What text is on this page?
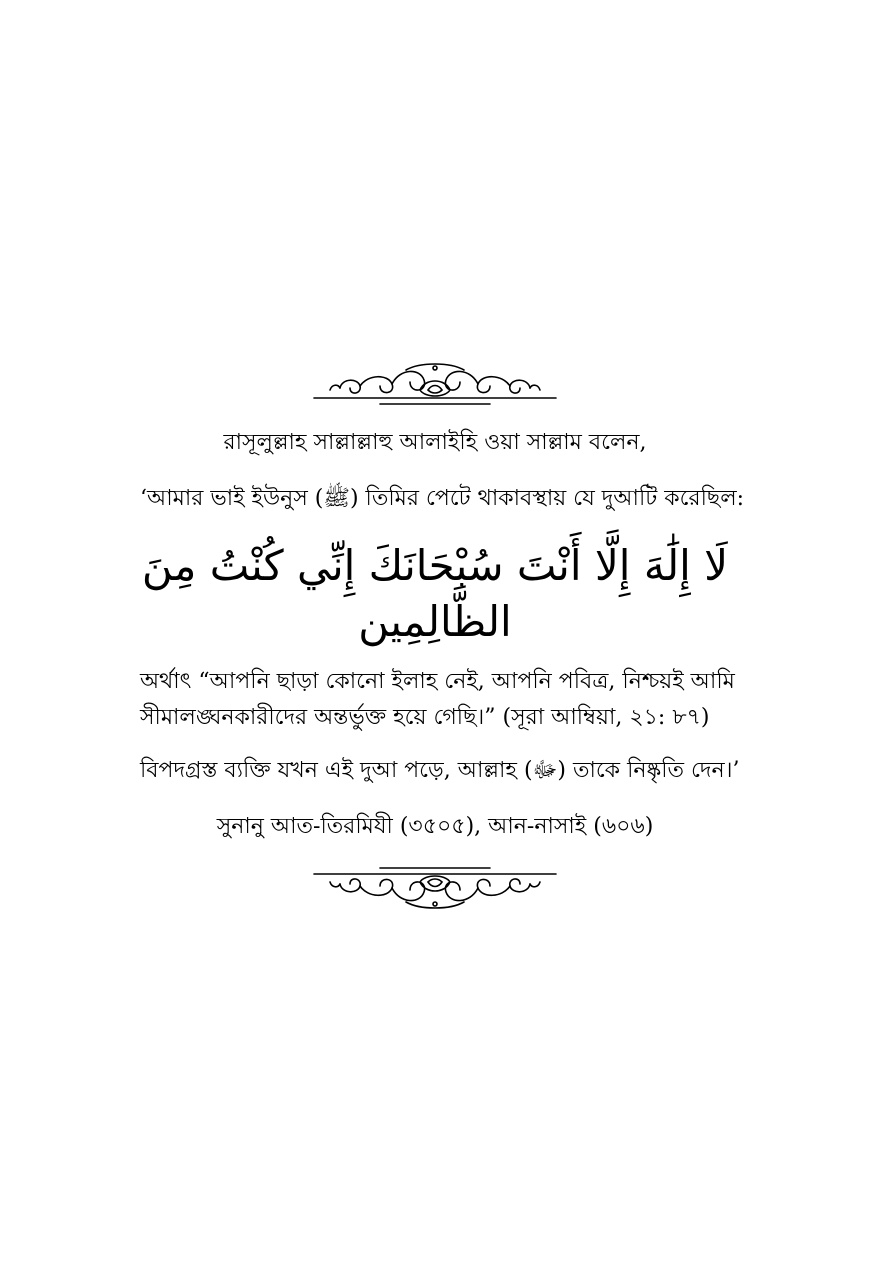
রাসূলুল্লাহ সাল্লাল্লাহু আলাইহি ওয়া সাল্লাম বলেন,
‘আমার ভাই ইউনুস (ﷺ) তিমির পেটে থাকাবস্থায় যে দুআটি করেছিল:
لَا إِلَٰهَ إِلَّا أَنْتَ سُبْحَانَكَ إِنِّي كُنْتُ مِنَ
الظَّالِمِين
অর্থাৎ “আপনি ছাড়া কোনো ইলাহ নেই, আপনি পবিত্র, নিশ্চয়ই আমি
সীমালঙ্ঘনকারীদের অন্তর্ভুক্ত হয়ে গেছি।” (সূরা আম্বিয়া, ২১: ৮৭)
বিপদগ্রস্ত ব্যক্তি যখন এই দুআ পড়ে, আল্লাহ (ﷻ) তাকে নিষ্কৃতি দেন।’
সুনানু আত-তিরমিযী (৩৫০৫), আন-নাসাই (৬০৬)
